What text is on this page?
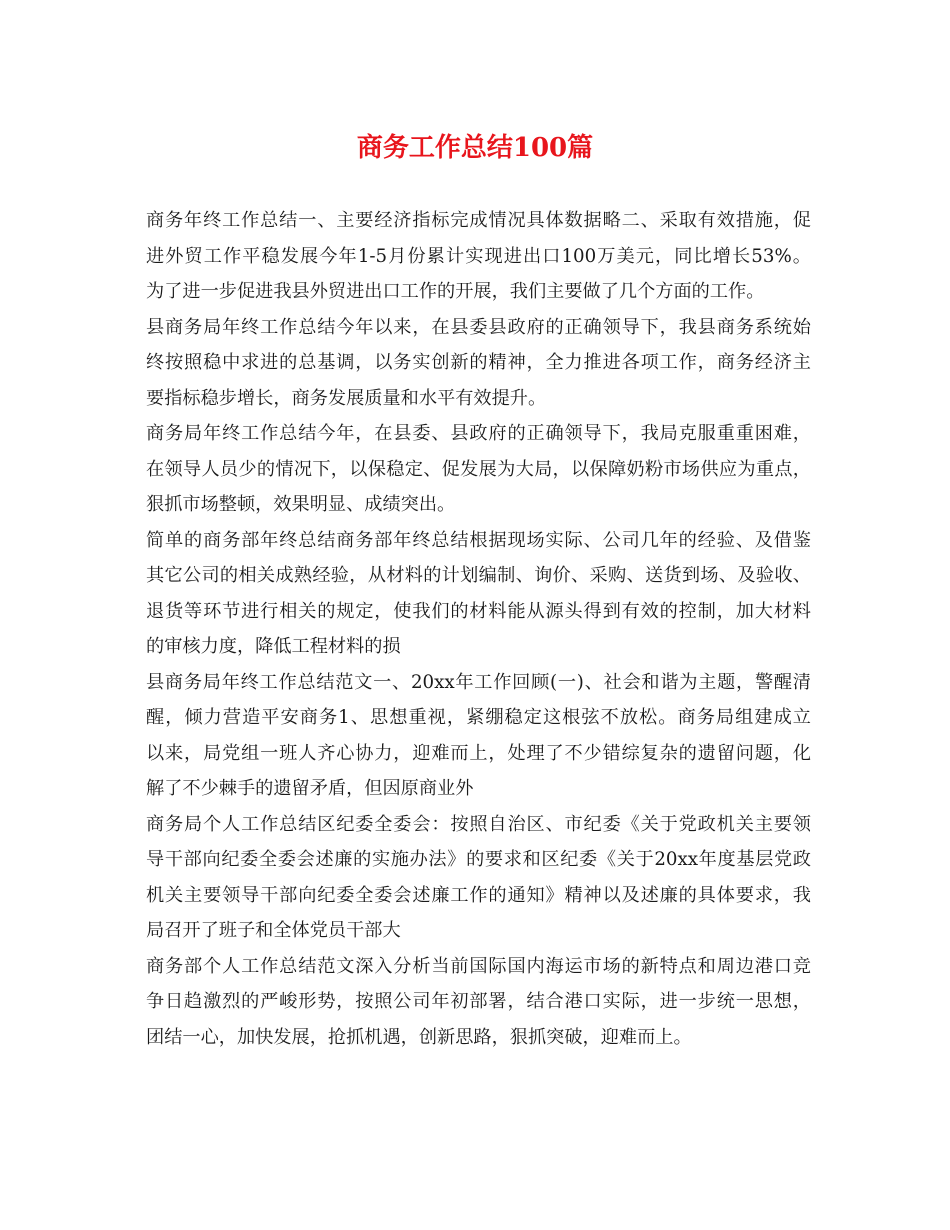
商务工作总结100篇
商务年终工作总结一、主要经济指标完成情况具体数据略二、采取有效措施，促
进外贸工作平稳发展今年1-5月份累计实现进出口100万美元，同比增长53%。
为了进一步促进我县外贸进出口工作的开展，我们主要做了几个方面的工作。
县商务局年终工作总结今年以来，在县委县政府的正确领导下，我县商务系统始
终按照稳中求进的总基调，以务实创新的精神，全力推进各项工作，商务经济主
要指标稳步增长，商务发展质量和水平有效提升。
商务局年终工作总结今年，在县委、县政府的正确领导下，我局克服重重困难，
在领导人员少的情况下，以保稳定、促发展为大局，以保障奶粉市场供应为重点，
狠抓市场整顿，效果明显、成绩突出。
简单的商务部年终总结商务部年终总结根据现场实际、公司几年的经验、及借鉴
其它公司的相关成熟经验，从材料的计划编制、询价、采购、送货到场、及验收、
退货等环节进行相关的规定，使我们的材料能从源头得到有效的控制，加大材料
的审核力度，降低工程材料的损
县商务局年终工作总结范文一、20xx年工作回顾(一)、社会和谐为主题，警醒清
醒，倾力营造平安商务1、思想重视，紧绷稳定这根弦不放松。商务局组建成立
以来，局党组一班人齐心协力，迎难而上，处理了不少错综复杂的遗留问题，化
解了不少棘手的遗留矛盾，但因原商业外
商务局个人工作总结区纪委全委会：按照自治区、市纪委《关于党政机关主要领
导干部向纪委全委会述廉的实施办法》的要求和区纪委《关于20xx年度基层党政
机关主要领导干部向纪委全委会述廉工作的通知》精神以及述廉的具体要求，我
局召开了班子和全体党员干部大
商务部个人工作总结范文深入分析当前国际国内海运市场的新特点和周边港口竞
争日趋激烈的严峻形势，按照公司年初部署，结合港口实际，进一步统一思想，
团结一心，加快发展，抢抓机遇，创新思路，狠抓突破，迎难而上。
